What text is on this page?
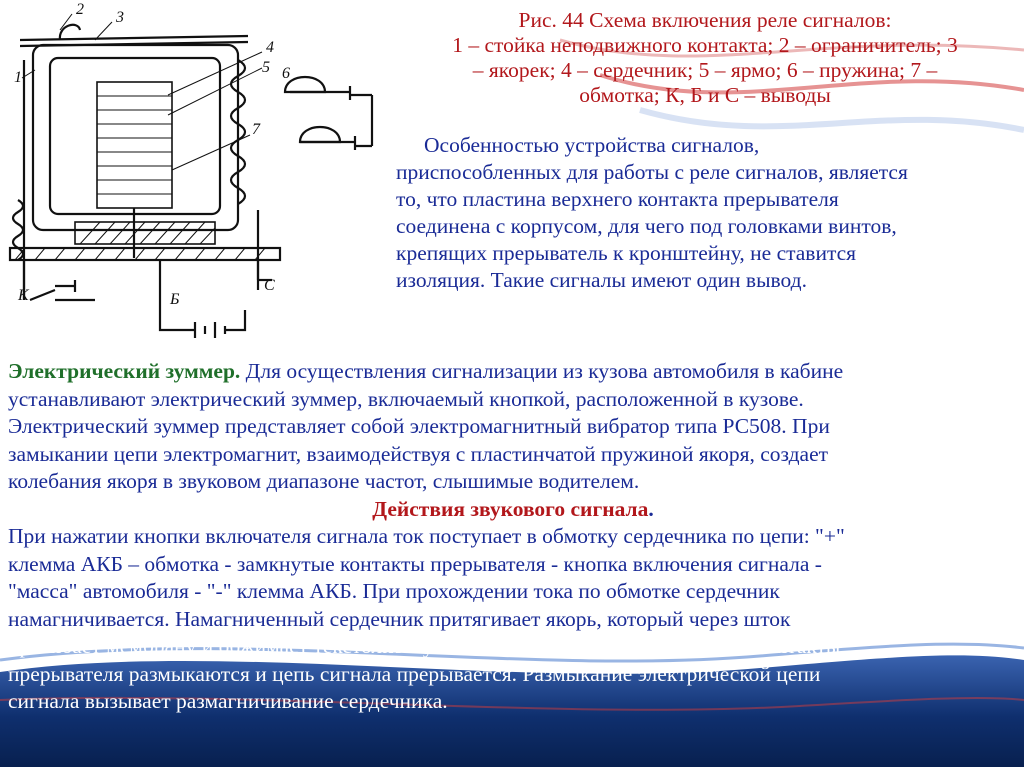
1
2 3
4
5 6
7
К	Б
С
Рис. 44 Схема включения реле сигналов:
1 – стойка неподвижного контакта; 2 – ограничитель; 3
– якорек; 4 – сердечник; 5 – ярмо; 6 – пружина; 7 –
обмотка; К, Б и С – выводы
Особенностью устройства сигналов,
приспособленных для работы с реле сигналов, является
то, что пластина верхнего контакта прерывателя
соединена с корпусом, для чего под головками винтов,
крепящих прерыватель к кронштейну, не ставится
изоляция. Такие сигналы имеют один вывод.
Электрический зуммер. Для осуществления сигнализации из кузова автомобиля в кабине
устанавливают электрический зуммер, включаемый кнопкой, расположенной в кузове.
Электрический зуммер представляет собой электромагнитный вибратор типа РС508. При
замыкании цепи электромагнит, взаимодействуя с пластинчатой пружиной якоря, создает
колебания якоря в звуковом диапазоне частот, слышимые водителем.
Действия звукового сигнала.
При нажатии кнопки включателя сигнала ток поступает в обмотку сердечника по цепи: "+"
клемма АКБ – обмотка - замкнутые контакты прерывателя - кнопка включения сигнала -
"масса" автомобиля - "-" клемма АКБ. При прохождении тока по обмотке сердечник
намагничивается. Намагниченный сердечник притягивает якорь, который через шток
прогибает мембрану и обжимает текстолитовую пластину подвижного контакта. Контакты
прерывателя размыкаются и цепь сигнала прерывается. Размыкание электрической цепи
сигнала вызывает размагничивание сердечника.
